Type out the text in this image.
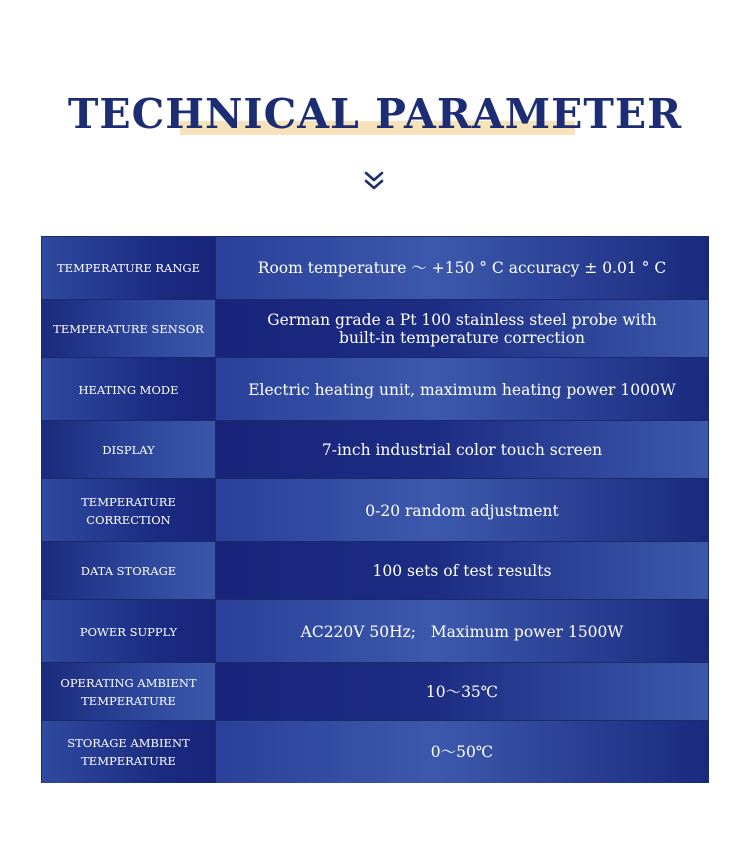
TECHNICAL PARAMETER
TEMPERATURE RANGE	Room temperature ～ +150 ° C accuracy ± 0.01 ° C
TEMPERATURE SENSOR	German grade a Pt 100 stainless steel probe with
built-in temperature correction
HEATING MODE	Electric heating unit, maximum heating power 1000W
DISPLAY	7-inch industrial color touch screen
TEMPERATURE CORRECTION	0-20 random adjustment
DATA STORAGE	100 sets of test results
POWER SUPPLY	AC220V 50Hz;   Maximum power 1500W
OPERATING AMBIENT
TEMPERATURE	10～35℃
STORAGE AMBIENT
TEMPERATURE	0～50℃
